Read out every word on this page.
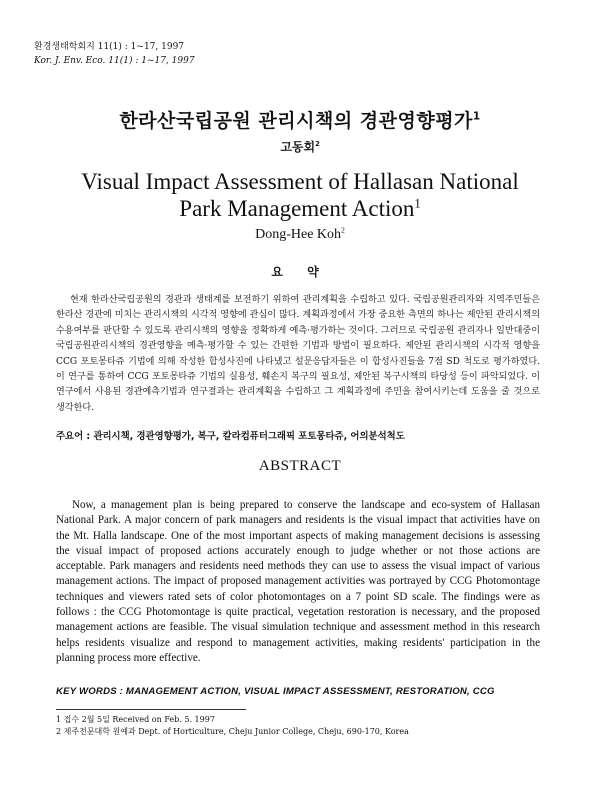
환경생태학회지 11(1) : 1~17, 1997
Kor. J. Env. Eco. 11(1) : 1~17, 1997
한라산국립공원 관리시책의 경관영향평가$^1$
고동회$^2$
Visual Impact Assessment of Hallasan National
Park Management Action$^1$
Dong-Hee Koh$^2$
요 약

현재 한라산국립공원의 경관과 생태계를 보전하기 위하여 관리계획을 수립하고 있다. 국립공원관리자와 지역주민들은 한라산 경관에 미치는 관리시책의 시각적 영향에 관심이 많다. 계획과정에서 가장 중요한 측면의 하나는 제안된 관리시책의 수용여부를 판단할 수 있도록 관리시책의 영향을 정확하게 예측·평가하는 것이다. 그러므로 국립공원 관리자나 일반대중이 국립공원관리시책의 경관영향을 예측·평가할 수 있는 간편한 기법과 방법이 필요하다. 제안된 관리시책의 시각적 영향을 CCG 포토몽타쥬 기법에 의해 작성한 합성사진에 나타냈고 설문응답자들은 이 합성사진들을 7점 SD 척도로 평가하였다. 이 연구를 통하여 CCG 포토몽타쥬 기법의 실용성, 훼손지 복구의 필요성, 제안된 복구시책의 타당성 등이 파악되었다. 이 연구에서 사용된 경관예측기법과 연구결과는 관리계획을 수립하고 그 계획과정에 주민을 참여시키는데 도움을 줄 것으로 생각한다.

주요어 : 관리시책, 경관영향평가, 복구, 칼라컴퓨터그래픽 포토몽타쥬, 어의분석척도
ABSTRACT

Now, a management plan is being prepared to conserve the landscape and eco-system of Hallasan National Park. A major concern of park managers and residents is the visual impact that activities have on the Mt. Halla landscape. One of the most important aspects of making management decisions is assessing the visual impact of proposed actions accurately enough to judge whether or not those actions are acceptable. Park managers and residents need methods they can use to assess the visual impact of various management actions. The impact of proposed management activities was portrayed by CCG Photomontage techniques and viewers rated sets of color photomontages on a 7 point SD scale. The findings were as follows : the CCG Photomontage is quite practical, vegetation restoration is necessary, and the proposed management actions are feasible. The visual simulation technique and assessment method in this research helps residents visualize and respond to management activities, making residents' participation in the planning process more effective.

KEY WORDS : MANAGEMENT ACTION, VISUAL IMPACT ASSESSMENT, RESTORATION, CCG
1 접수 2월 5일 Received on Feb. 5. 1997
2 제주전문대학 원예과 Dept. of Horticulture, Cheju Junior College, Cheju, 690-170, Korea
